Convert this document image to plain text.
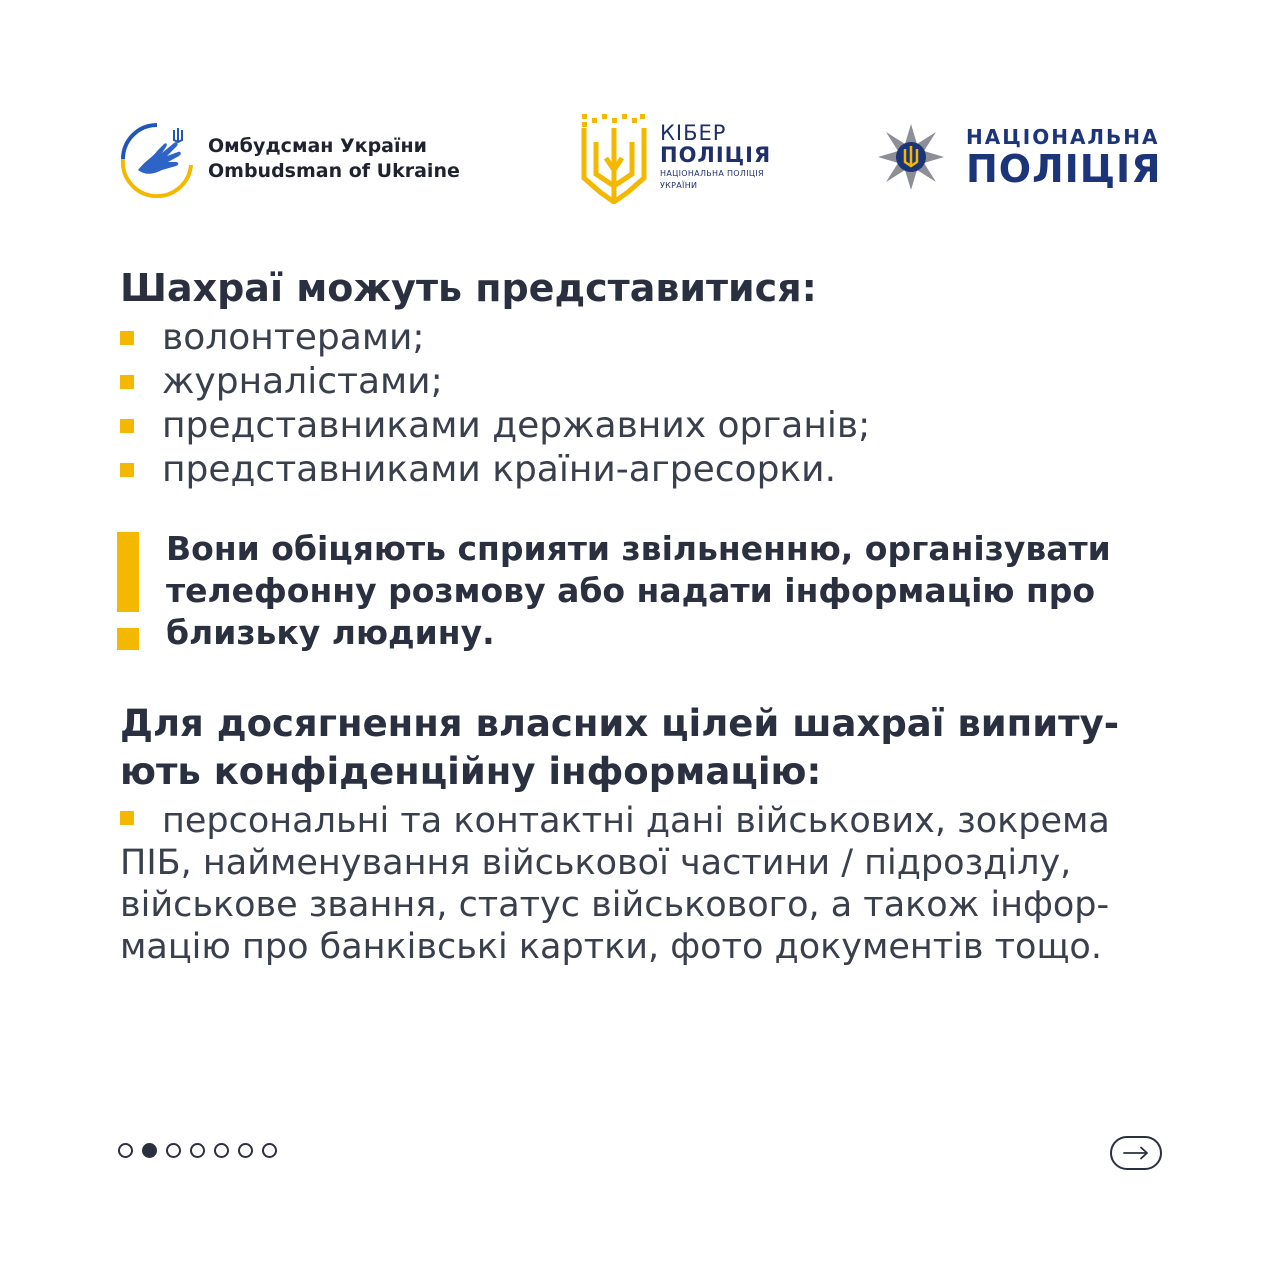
Омбудсман України
Ombudsman of Ukraine
КІБЕР
ПОЛІЦІЯ
НАЦІОНАЛЬНА ПОЛІЦІЯ
УКРАЇНИ
НАЦІОНАЛЬНА
ПОЛІЦІЯ
Шахраї можуть представитися:
волонтерами;
журналістами;
представниками державних органів;
представниками країни-агресорки.

Вони обіцяють сприяти звільненню, організувати
телефонну розмову або надати інформацію про
близьку людину.

Для досягнення власних цілей шахраї випиту-
ють конфіденційну інформацію:

персональні та контактні дані військових, зокрема
ПІБ, найменування військової частини / підрозділу,
військове звання, статус військового, а також інфор-
мацію про банківські картки, фото документів тощо.
